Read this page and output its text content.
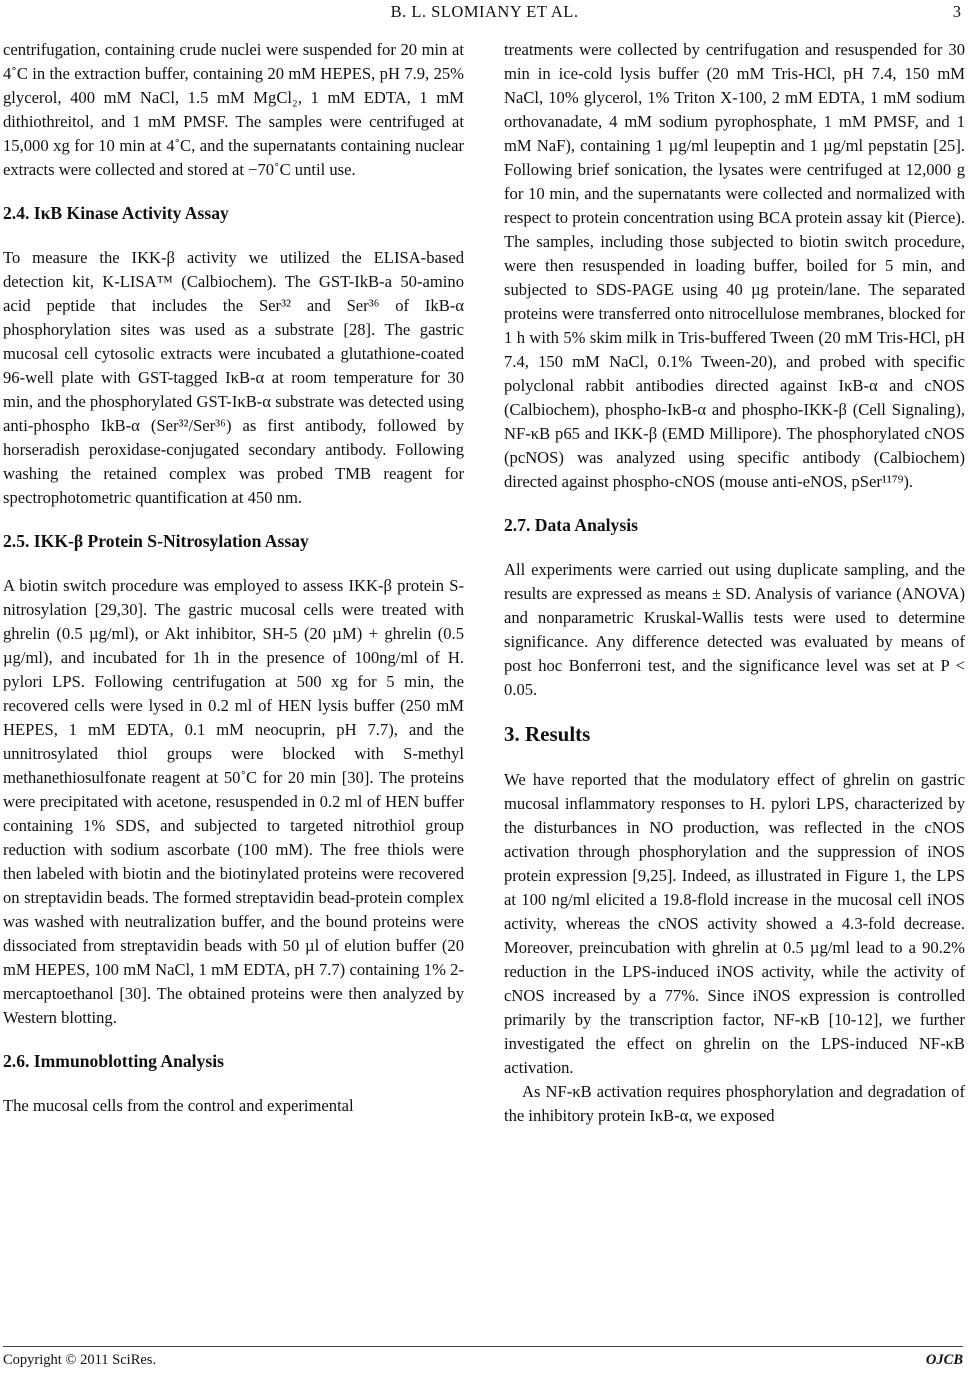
B. L. SLOMIANY ET AL.	3

centrifugation, containing crude nuclei were suspended for 20 min at 4˚C in the extraction buffer, containing 20 mM HEPES, pH 7.9, 25% glycerol, 400 mM NaCl, 1.5 mM MgCl₂, 1 mM EDTA, 1 mM dithiothreitol, and 1 mM PMSF. The samples were centrifuged at 15,000 xg for 10 min at 4˚C, and the supernatants containing nuclear extracts were collected and stored at −70˚C until use.

2.4. IκB Kinase Activity Assay

To measure the IKK-β activity we utilized the ELISA-based detection kit, K-LISA™ (Calbiochem). The GST-IkB-a 50-amino acid peptide that includes the Ser³² and Ser³⁶ of IkB-α phosphorylation sites was used as a substrate [28]. The gastric mucosal cell cytosolic extracts were incubated a glutathione-coated 96-well plate with GST-tagged IκB-α at room temperature for 30 min, and the phosphorylated GST-IκB-α substrate was detected using anti-phospho IkB-α (Ser³²/Ser³⁶) as first antibody, followed by horseradish peroxidase-conjugated secondary antibody. Following washing the retained complex was probed TMB reagent for spectrophotometric quantification at 450 nm.

2.5. IKK-β Protein S-Nitrosylation Assay

A biotin switch procedure was employed to assess IKK-β protein S-nitrosylation [29,30]. The gastric mucosal cells were treated with ghrelin (0.5 µg/ml), or Akt inhibitor, SH-5 (20 µM) + ghrelin (0.5 µg/ml), and incubated for 1h in the presence of 100ng/ml of H. pylori LPS. Following centrifugation at 500 xg for 5 min, the recovered cells were lysed in 0.2 ml of HEN lysis buffer (250 mM HEPES, 1 mM EDTA, 0.1 mM neocuprin, pH 7.7), and the unnitrosylated thiol groups were blocked with S-methyl methanethiosulfonate reagent at 50˚C for 20 min [30]. The proteins were precipitated with acetone, resuspended in 0.2 ml of HEN buffer containing 1% SDS, and subjected to targeted nitrothiol group reduction with sodium ascorbate (100 mM). The free thiols were then labeled with biotin and the biotinylated proteins were recovered on streptavidin beads. The formed streptavidin bead-protein complex was washed with neutralization buffer, and the bound proteins were dissociated from streptavidin beads with 50 µl of elution buffer (20 mM HEPES, 100 mM NaCl, 1 mM EDTA, pH 7.7) containing 1% 2-mercaptoethanol [30]. The obtained proteins were then analyzed by Western blotting.

2.6. Immunoblotting Analysis

The mucosal cells from the control and experimental

treatments were collected by centrifugation and resuspended for 30 min in ice-cold lysis buffer (20 mM Tris-HCl, pH 7.4, 150 mM NaCl, 10% glycerol, 1% Triton X-100, 2 mM EDTA, 1 mM sodium orthovanadate, 4 mM sodium pyrophosphate, 1 mM PMSF, and 1 mM NaF), containing 1 µg/ml leupeptin and 1 µg/ml pepstatin [25]. Following brief sonication, the lysates were centrifuged at 12,000 g for 10 min, and the supernatants were collected and normalized with respect to protein concentration using BCA protein assay kit (Pierce). The samples, including those subjected to biotin switch procedure, were then resuspended in loading buffer, boiled for 5 min, and subjected to SDS-PAGE using 40 µg protein/lane. The separated proteins were transferred onto nitrocellulose membranes, blocked for 1 h with 5% skim milk in Tris-buffered Tween (20 mM Tris-HCl, pH 7.4, 150 mM NaCl, 0.1% Tween-20), and probed with specific polyclonal rabbit antibodies directed against IκB-α and cNOS (Calbiochem), phospho-IκB-α and phospho-IKK-β (Cell Signaling), NF-κB p65 and IKK-β (EMD Millipore). The phosphorylated cNOS (pcNOS) was analyzed using specific antibody (Calbiochem) directed against phospho-cNOS (mouse anti-eNOS, pSer¹¹⁷⁹).

2.7. Data Analysis

All experiments were carried out using duplicate sampling, and the results are expressed as means ± SD. Analysis of variance (ANOVA) and nonparametric Kruskal-Wallis tests were used to determine significance. Any difference detected was evaluated by means of post hoc Bonferroni test, and the significance level was set at P < 0.05.

3. Results

We have reported that the modulatory effect of ghrelin on gastric mucosal inflammatory responses to H. pylori LPS, characterized by the disturbances in NO production, was reflected in the cNOS activation through phosphorylation and the suppression of iNOS protein expression [9,25]. Indeed, as illustrated in Figure 1, the LPS at 100 ng/ml elicited a 19.8-flold increase in the mucosal cell iNOS activity, whereas the cNOS activity showed a 4.3-fold decrease. Moreover, preincubation with ghrelin at 0.5 µg/ml lead to a 90.2% reduction in the LPS-induced iNOS activity, while the activity of cNOS increased by a 77%. Since iNOS expression is controlled primarily by the transcription factor, NF-κB [10-12], we further investigated the effect on ghrelin on the LPS-induced NF-κB activation.

As NF-κB activation requires phosphorylation and degradation of the inhibitory protein IκB-α, we exposed

Copyright © 2011 SciRes.	OJCB
